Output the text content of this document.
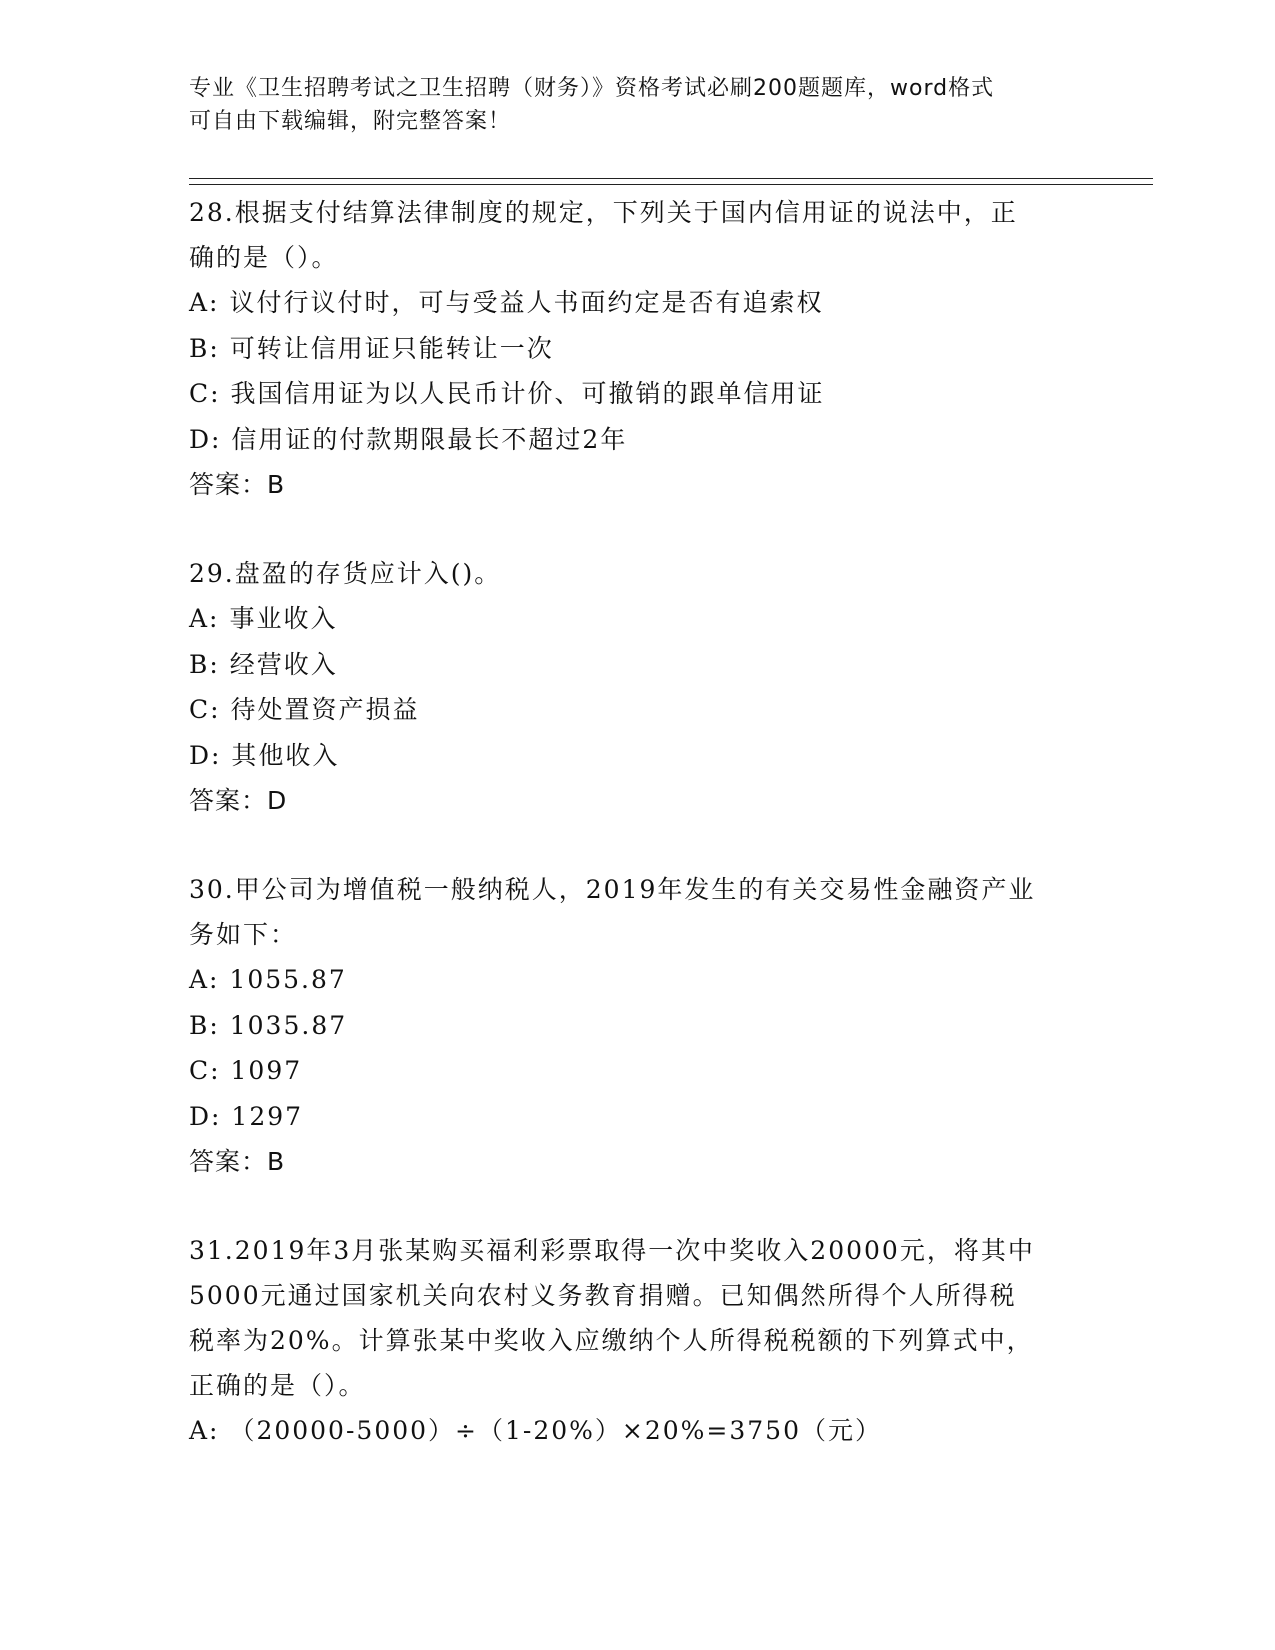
专业《卫生招聘考试之卫生招聘（财务）》资格考试必刷200题题库，word格式
可自由下载编辑，附完整答案！
28.根据支付结算法律制度的规定，下列关于国内信用证的说法中，正
确的是（）。
A: 议付行议付时，可与受益人书面约定是否有追索权
B: 可转让信用证只能转让一次
C: 我国信用证为以人民币计价、可撤销的跟单信用证
D: 信用证的付款期限最长不超过2年
答案：B
29.盘盈的存货应计入()。
A: 事业收入
B: 经营收入
C: 待处置资产损益
D: 其他收入
答案：D
30.甲公司为增值税一般纳税人，2019年发生的有关交易性金融资产业
务如下：
A: 1055.87
B: 1035.87
C: 1097
D: 1297
答案：B
31.2019年3月张某购买福利彩票取得一次中奖收入20000元，将其中
5000元通过国家机关向农村义务教育捐赠。已知偶然所得个人所得税
税率为20%。计算张某中奖收入应缴纳个人所得税税额的下列算式中，
正确的是（）。
A: （20000-5000）÷（1-20%）×20%=3750（元）
